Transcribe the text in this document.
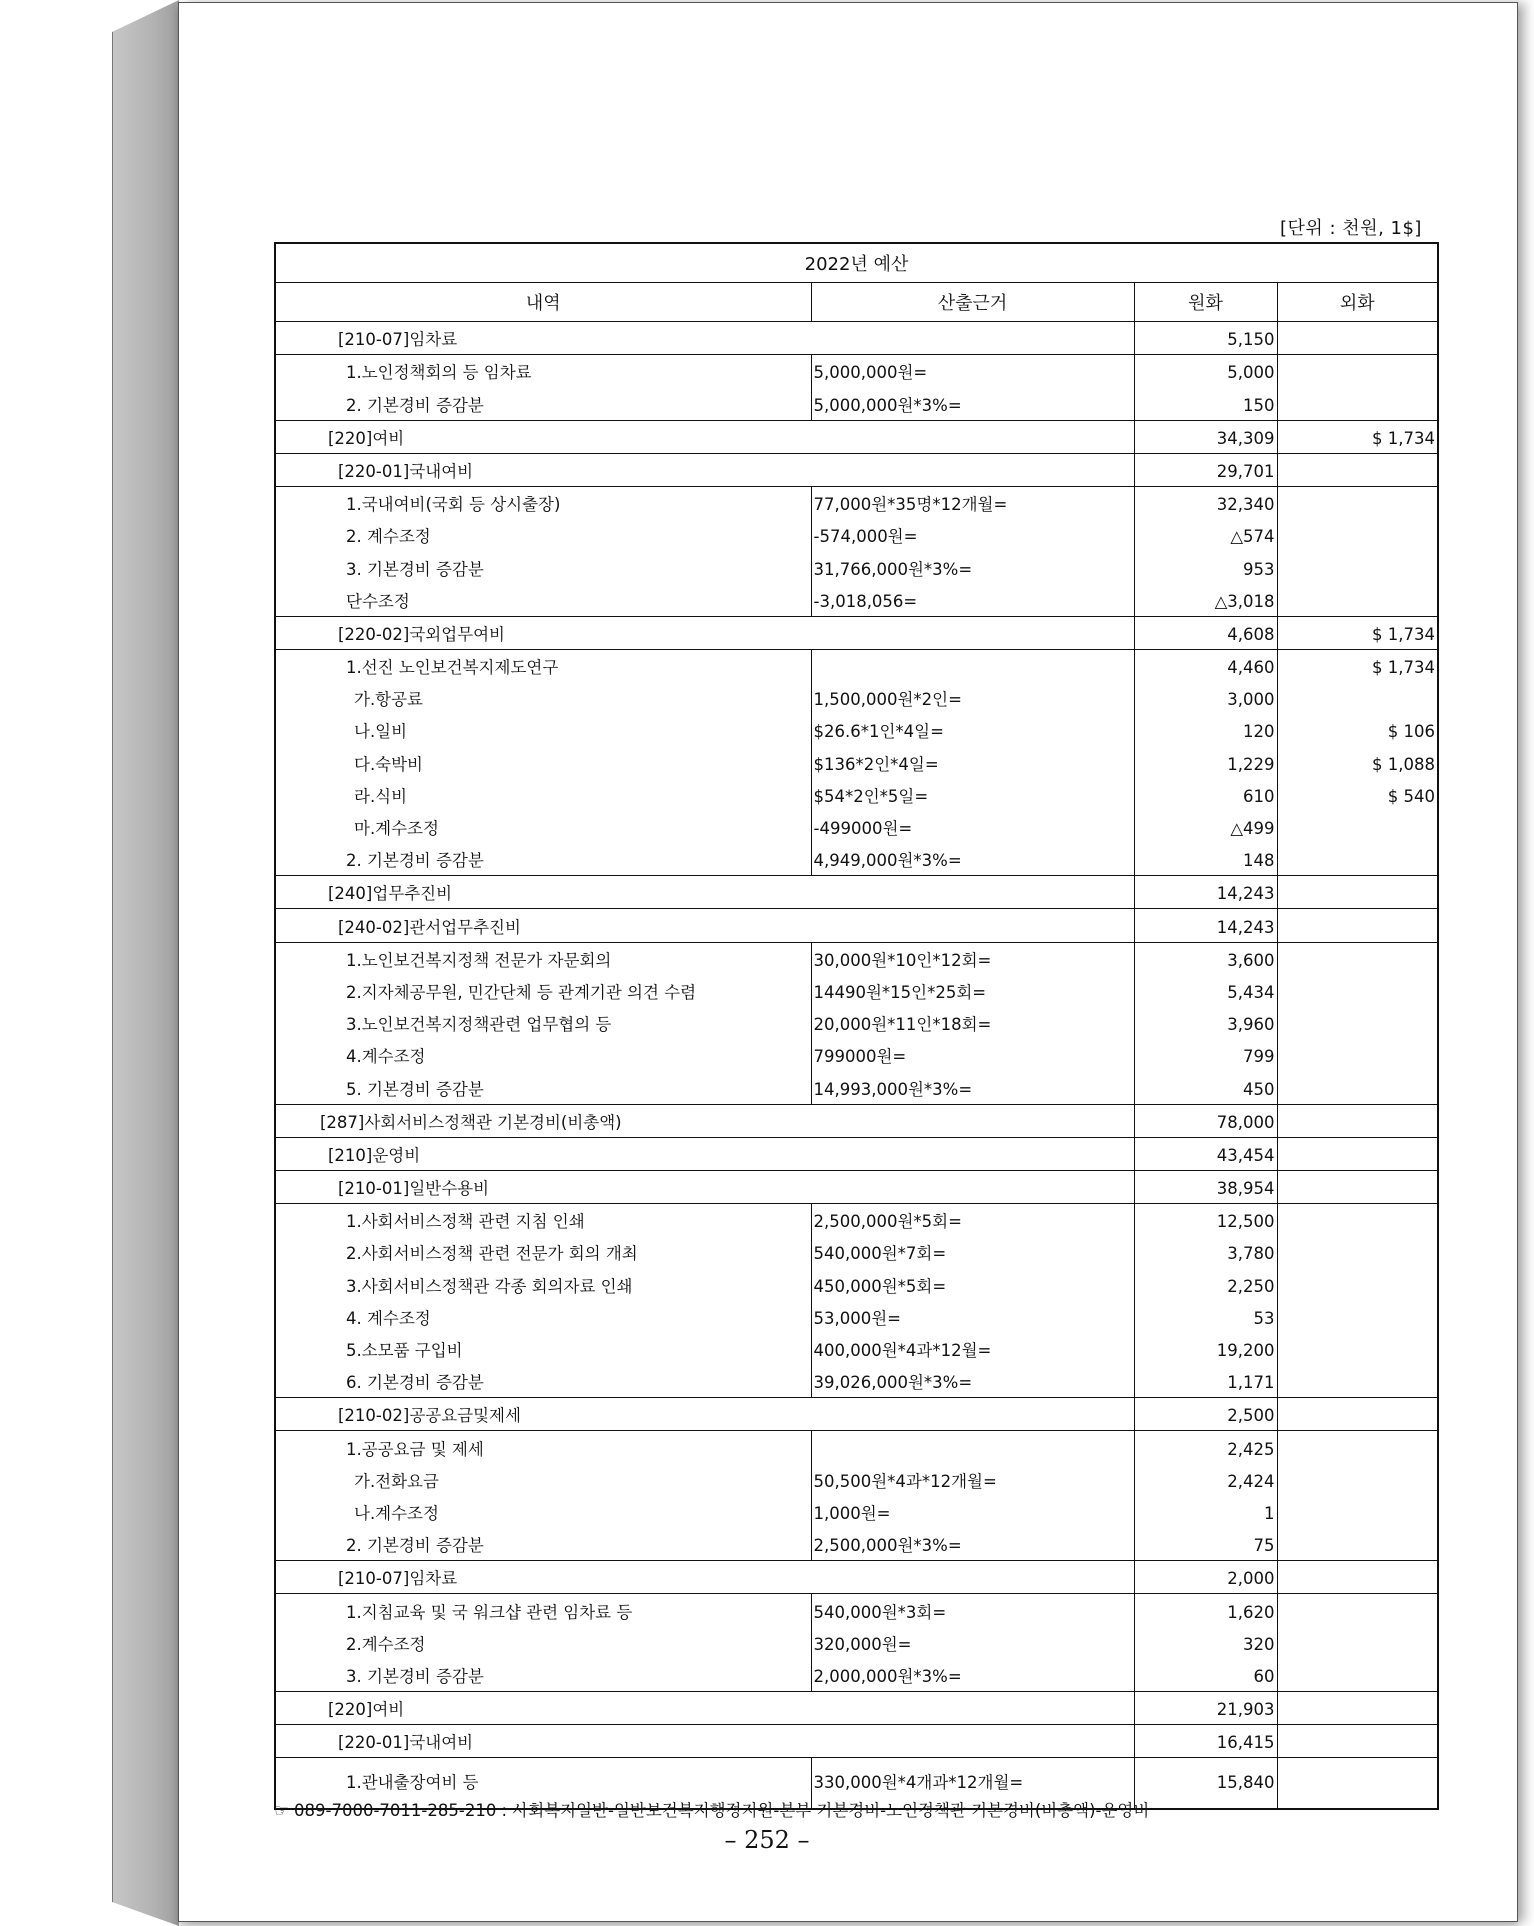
[단위 : 천원, 1$]
2022년 예산			
내역	산출근거	원화	외화
[210-07]임차료		5,150	
1.노인정책회의 등 임차료	5,000,000원=	5,000	
2. 기본경비 증감분	5,000,000원*3%=	150	
[220]여비		34,309	$ 1,734
[220-01]국내여비		29,701	
1.국내여비(국회 등 상시출장)	77,000원*35명*12개월=	32,340	
2. 계수조정	-574,000원=	△574	
3. 기본경비 증감분	31,766,000원*3%=	953	
단수조정	-3,018,056=	△3,018	
[220-02]국외업무여비		4,608	$ 1,734
1.선진 노인보건복지제도연구		4,460	$ 1,734
가.항공료	1,500,000원*2인=	3,000	
나.일비	$26.6*1인*4일=	120	$ 106
다.숙박비	$136*2인*4일=	1,229	$ 1,088
라.식비	$54*2인*5일=	610	$ 540
마.계수조정	-499000원=	△499	
2. 기본경비 증감분	4,949,000원*3%=	148	
[240]업무추진비		14,243	
[240-02]관서업무추진비		14,243	
1.노인보건복지정책 전문가 자문회의	30,000원*10인*12회=	3,600	
2.지자체공무원, 민간단체 등 관계기관 의견 수렴	14490원*15인*25회=	5,434	
3.노인보건복지정책관련 업무협의 등	20,000원*11인*18회=	3,960	
4.계수조정	799000원=	799	
5. 기본경비 증감분	14,993,000원*3%=	450	
[287]사회서비스정책관 기본경비(비총액)		78,000	
[210]운영비		43,454	
[210-01]일반수용비		38,954	
1.사회서비스정책 관련 지침 인쇄	2,500,000원*5회=	12,500	
2.사회서비스정책 관련 전문가 회의 개최	540,000원*7회=	3,780	
3.사회서비스정책관 각종 회의자료 인쇄	450,000원*5회=	2,250	
4. 계수조정	53,000원=	53	
5.소모품 구입비	400,000원*4과*12월=	19,200	
6. 기본경비 증감분	39,026,000원*3%=	1,171	
[210-02]공공요금및제세		2,500	
1.공공요금 및 제세		2,425	
가.전화요금	50,500원*4과*12개월=	2,424	
나.계수조정	1,000원=	1	
2. 기본경비 증감분	2,500,000원*3%=	75	
[210-07]임차료		2,000	
1.지침교육 및 국 워크샵 관련 임차료 등	540,000원*3회=	1,620	
2.계수조정	320,000원=	320	
3. 기본경비 증감분	2,000,000원*3%=	60	
[220]여비		21,903	
[220-01]국내여비		16,415	
1.관내출장여비 등	330,000원*4개과*12개월=	15,840	
☞ 089-7000-7011-285-210 : 사회복지일반-일반보건복지행정지원-본부 기본경비-노인정책관 기본경비(비총액)-운영비
– 252 –
